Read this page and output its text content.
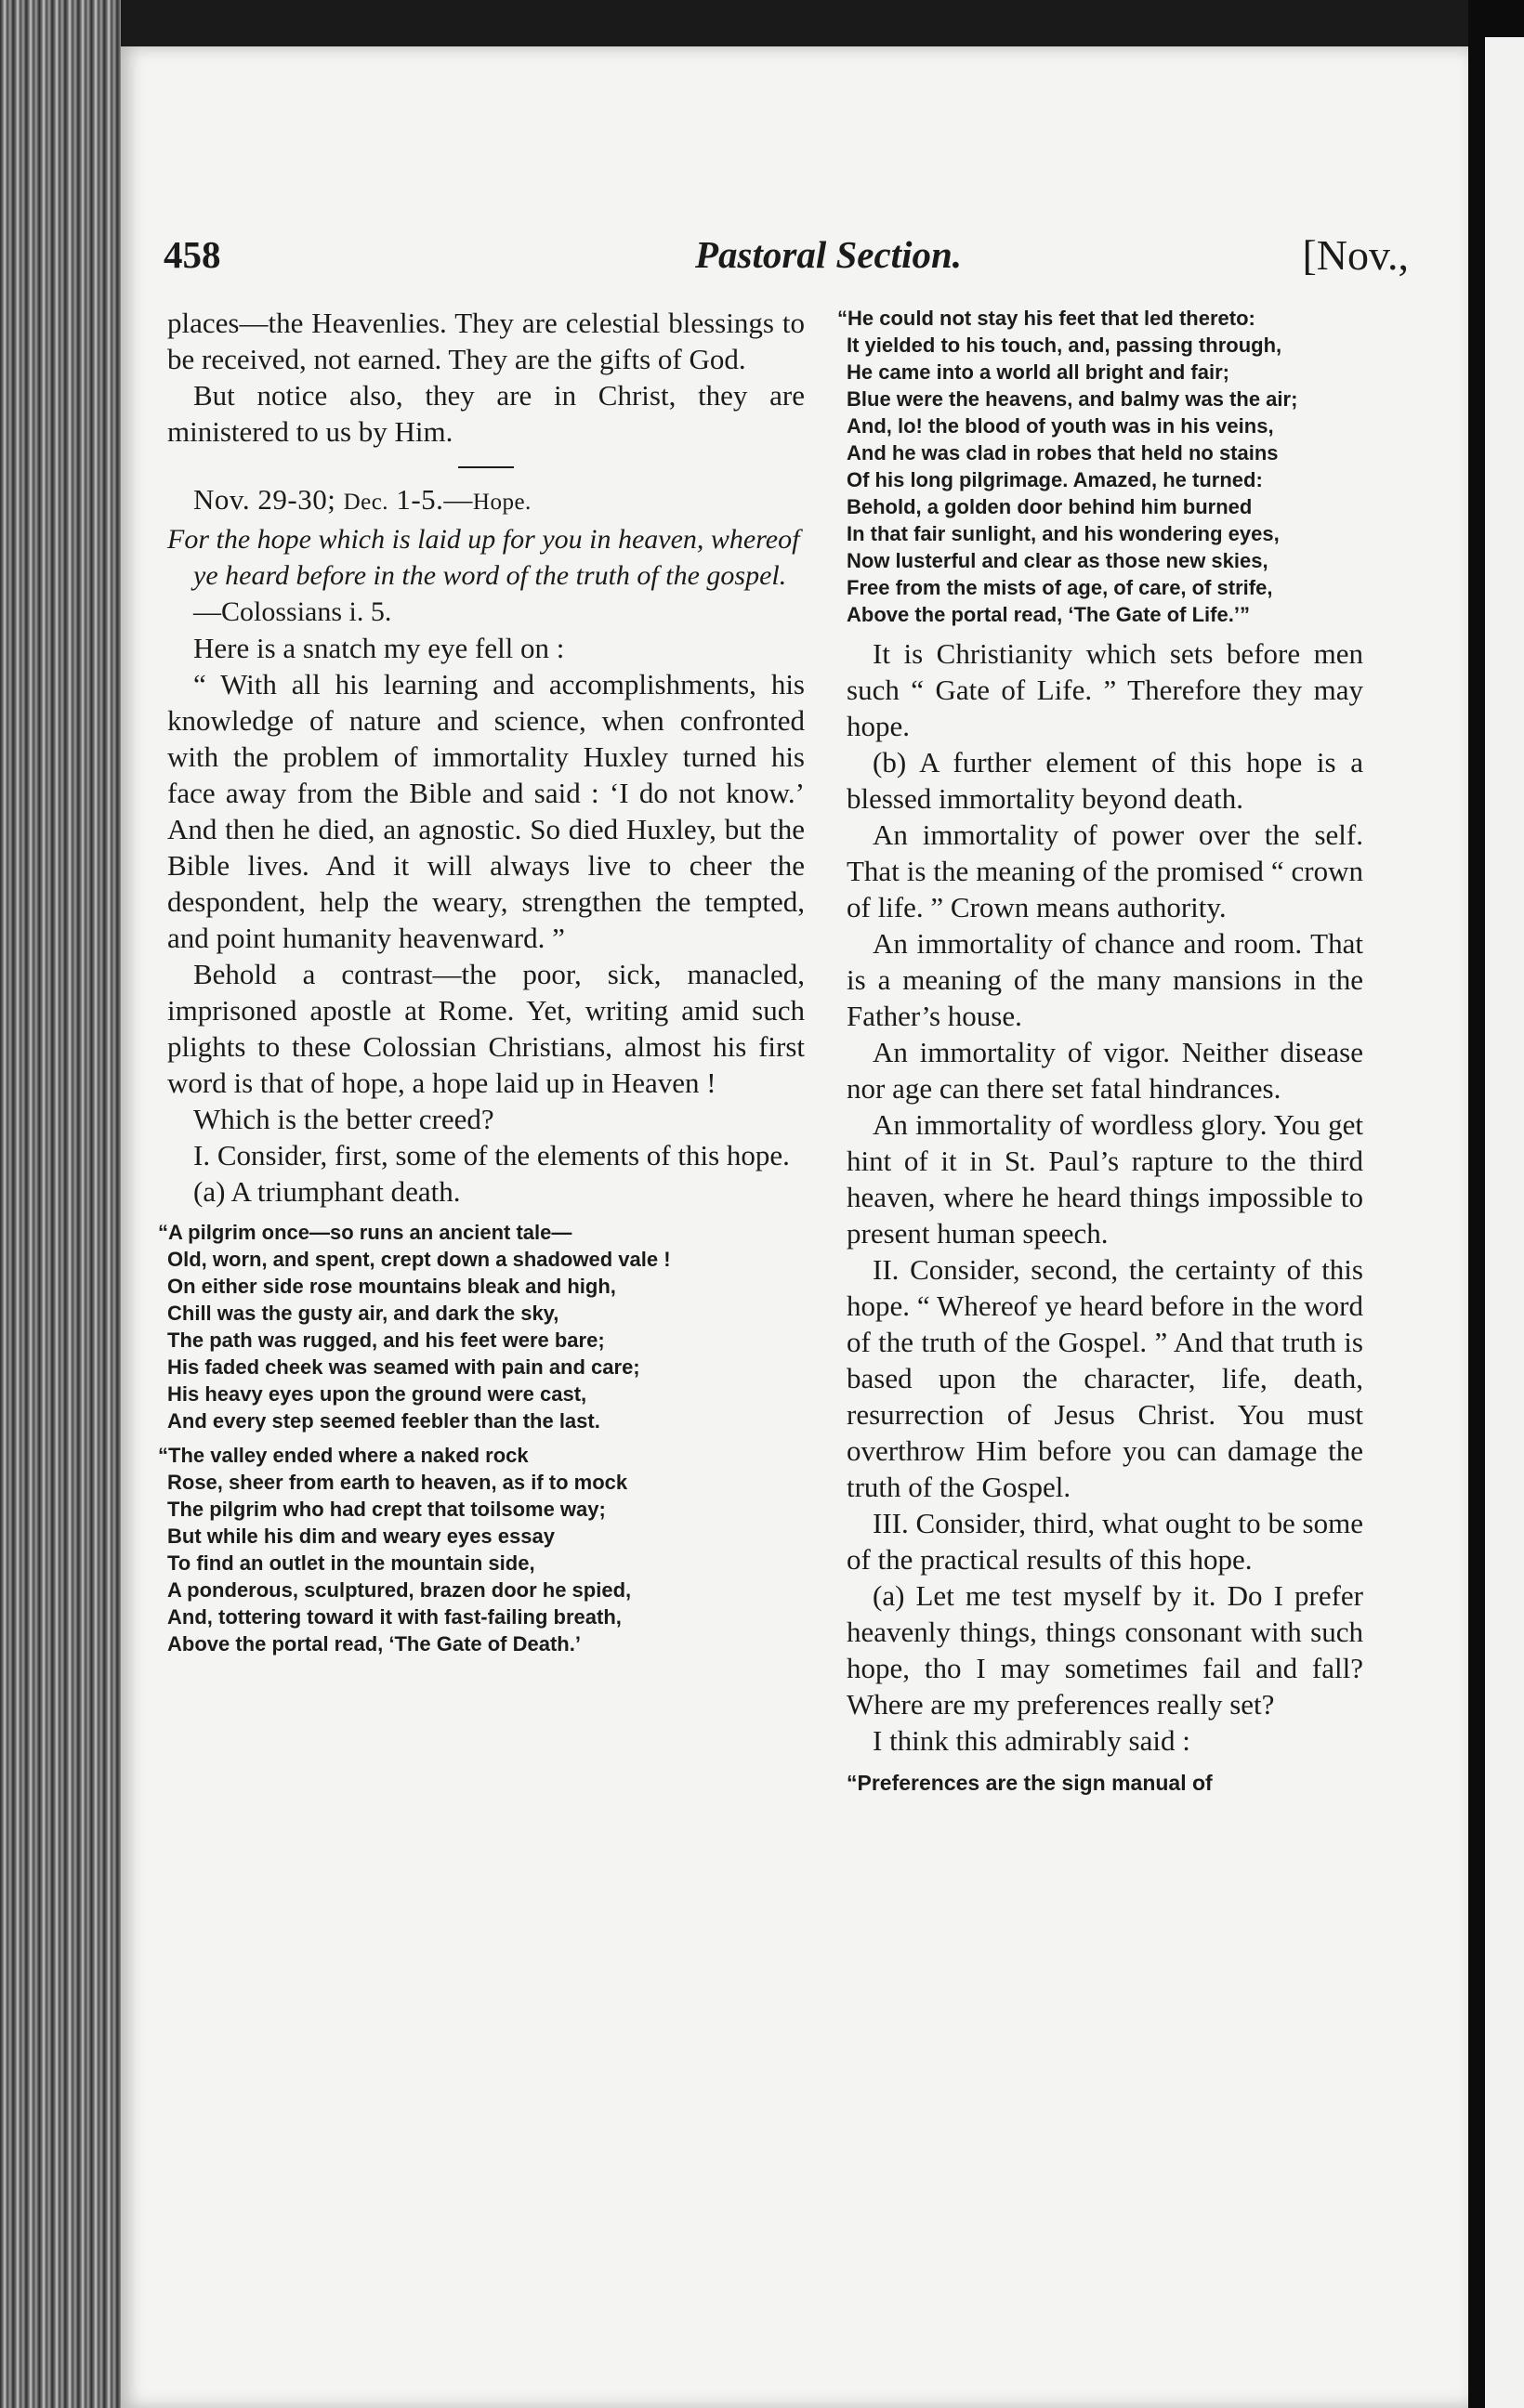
458	Pastoral Section.	[Nov.,

places—the Heavenlies. They are celestial blessings to be received, not earned. They are the gifts of God.

But notice also, they are in Christ, they are ministered to us by Him.

Nov. 29-30; Dec. 1-5.—Hope.

For the hope which is laid up for you in heaven, whereof ye heard before in the word of the truth of the gospel.—Colossians i. 5.

Here is a snatch my eye fell on :

“ With all his learning and accomplishments, his knowledge of nature and science, when confronted with the problem of immortality Huxley turned his face away from the Bible and said : ‘I do not know.’ And then he died, an agnostic. So died Huxley, but the Bible lives. And it will always live to cheer the despondent, help the weary, strengthen the tempted, and point humanity heavenward. ”

Behold a contrast—the poor, sick, manacled, imprisoned apostle at Rome. Yet, writing amid such plights to these Colossian Christians, almost his first word is that of hope, a hope laid up in Heaven !

Which is the better creed?

I. Consider, first, some of the elements of this hope.

(a) A triumphant death.

“A pilgrim once—so runs an ancient tale—

Old, worn, and spent, crept down a shadowed vale !

On either side rose mountains bleak and high,

Chill was the gusty air, and dark the sky,

The path was rugged, and his feet were bare;

His faded cheek was seamed with pain and care;

His heavy eyes upon the ground were cast,

And every step seemed feebler than the last.

“The valley ended where a naked rock

Rose, sheer from earth to heaven, as if to mock

The pilgrim who had crept that toilsome way;

But while his dim and weary eyes essay

To find an outlet in the mountain side,

A ponderous, sculptured, brazen door he spied,

And, tottering toward it with fast-failing breath,

Above the portal read, ‘The Gate of Death.’

“He could not stay his feet that led thereto:

It yielded to his touch, and, passing through,

He came into a world all bright and fair;

Blue were the heavens, and balmy was the air;

And, lo! the blood of youth was in his veins,

And he was clad in robes that held no stains

Of his long pilgrimage. Amazed, he turned:

Behold, a golden door behind him burned

In that fair sunlight, and his wondering eyes,

Now lusterful and clear as those new skies,

Free from the mists of age, of care, of strife,

Above the portal read, ‘The Gate of Life.’”

It is Christianity which sets before men such “ Gate of Life. ” Therefore they may hope.

(b) A further element of this hope is a blessed immortality beyond death.

An immortality of power over the self. That is the meaning of the promised “ crown of life. ” Crown means authority.

An immortality of chance and room. That is a meaning of the many mansions in the Father’s house.

An immortality of vigor. Neither disease nor age can there set fatal hindrances.

An immortality of wordless glory. You get hint of it in St. Paul’s rapture to the third heaven, where he heard things impossible to present human speech.

II. Consider, second, the certainty of this hope. “ Whereof ye heard before in the word of the truth of the Gospel. ” And that truth is based upon the character, life, death, resurrection of Jesus Christ. You must overthrow Him before you can damage the truth of the Gospel.

III. Consider, third, what ought to be some of the practical results of this hope.

(a) Let me test myself by it. Do I prefer heavenly things, things consonant with such hope, tho I may sometimes fail and fall? Where are my preferences really set?

I think this admirably said :

“Preferences are the sign manual of
